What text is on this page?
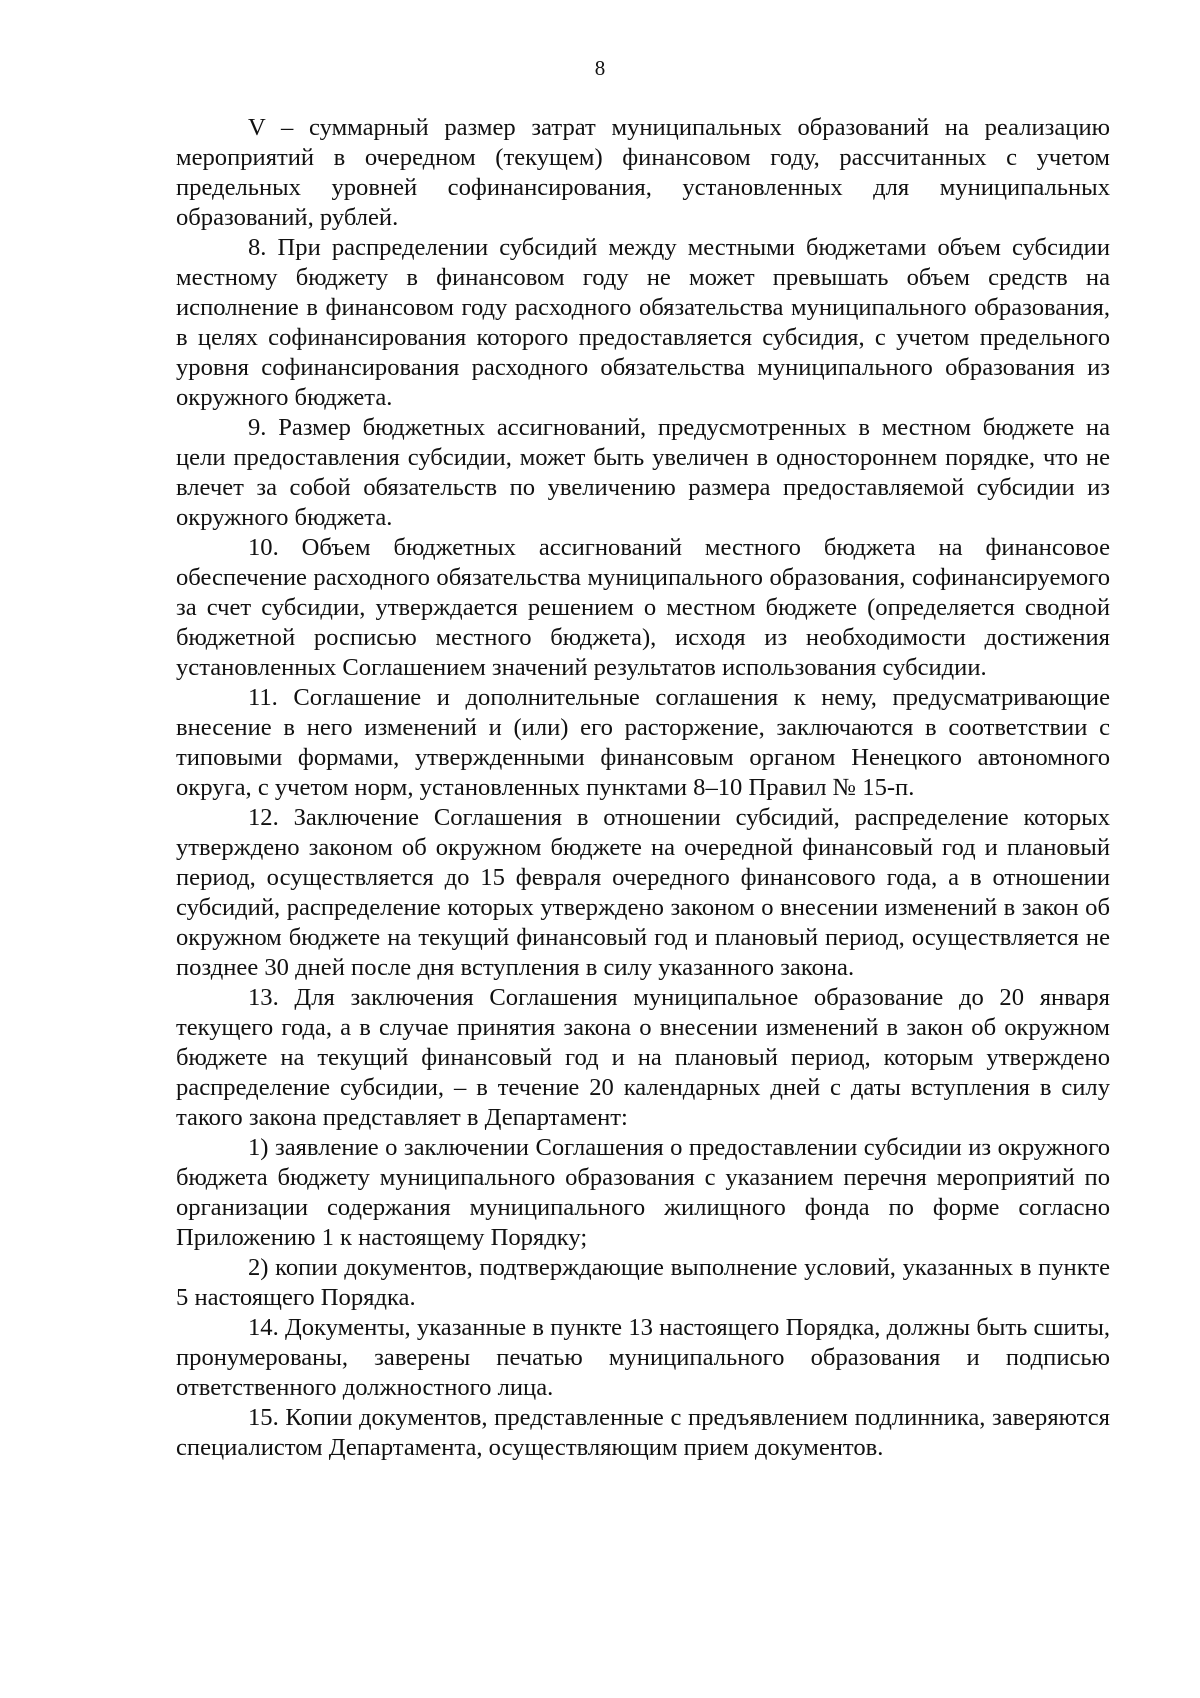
8

V – суммарный размер затрат муниципальных образований на реализацию мероприятий в очередном (текущем) финансовом году, рассчитанных с учетом предельных уровней софинансирования, установленных для муниципальных образований, рублей.

8. При распределении субсидий между местными бюджетами объем субсидии местному бюджету в финансовом году не может превышать объем средств на исполнение в финансовом году расходного обязательства муниципального образования, в целях софинансирования которого предоставляется субсидия, с учетом предельного уровня софинансирования расходного обязательства муниципального образования из окружного бюджета.

9. Размер бюджетных ассигнований, предусмотренных в местном бюджете на цели предоставления субсидии, может быть увеличен в одностороннем порядке, что не влечет за собой обязательств по увеличению размера предоставляемой субсидии из окружного бюджета.

10. Объем бюджетных ассигнований местного бюджета на финансовое обеспечение расходного обязательства муниципального образования, софинансируемого за счет субсидии, утверждается решением о местном бюджете (определяется сводной бюджетной росписью местного бюджета), исходя из необходимости достижения установленных Соглашением значений результатов использования субсидии.

11. Соглашение и дополнительные соглашения к нему, предусматривающие внесение в него изменений и (или) его расторжение, заключаются в соответствии с типовыми формами, утвержденными финансовым органом Ненецкого автономного округа, с учетом норм, установленных пунктами 8–10 Правил № 15-п.

12. Заключение Соглашения в отношении субсидий, распределение которых утверждено законом об окружном бюджете на очередной финансовый год и плановый период, осуществляется до 15 февраля очередного финансового года, а в отношении субсидий, распределение которых утверждено законом о внесении изменений в закон об окружном бюджете на текущий финансовый год и плановый период, осуществляется не позднее 30 дней после дня вступления в силу указанного закона.

13. Для заключения Соглашения муниципальное образование до 20 января текущего года, а в случае принятия закона о внесении изменений в закон об окружном бюджете на текущий финансовый год и на плановый период, которым утверждено распределение субсидии, – в течение 20 календарных дней с даты вступления в силу такого закона представляет в Департамент:

1) заявление о заключении Соглашения о предоставлении субсидии из окружного бюджета бюджету муниципального образования с указанием перечня мероприятий по организации содержания муниципального жилищного фонда по форме согласно Приложению 1 к настоящему Порядку;

2) копии документов, подтверждающие выполнение условий, указанных в пункте 5 настоящего Порядка.

14. Документы, указанные в пункте 13 настоящего Порядка, должны быть сшиты, пронумерованы, заверены печатью муниципального образования и подписью ответственного должностного лица.

15. Копии документов, представленные с предъявлением подлинника, заверяются специалистом Департамента, осуществляющим прием документов.
